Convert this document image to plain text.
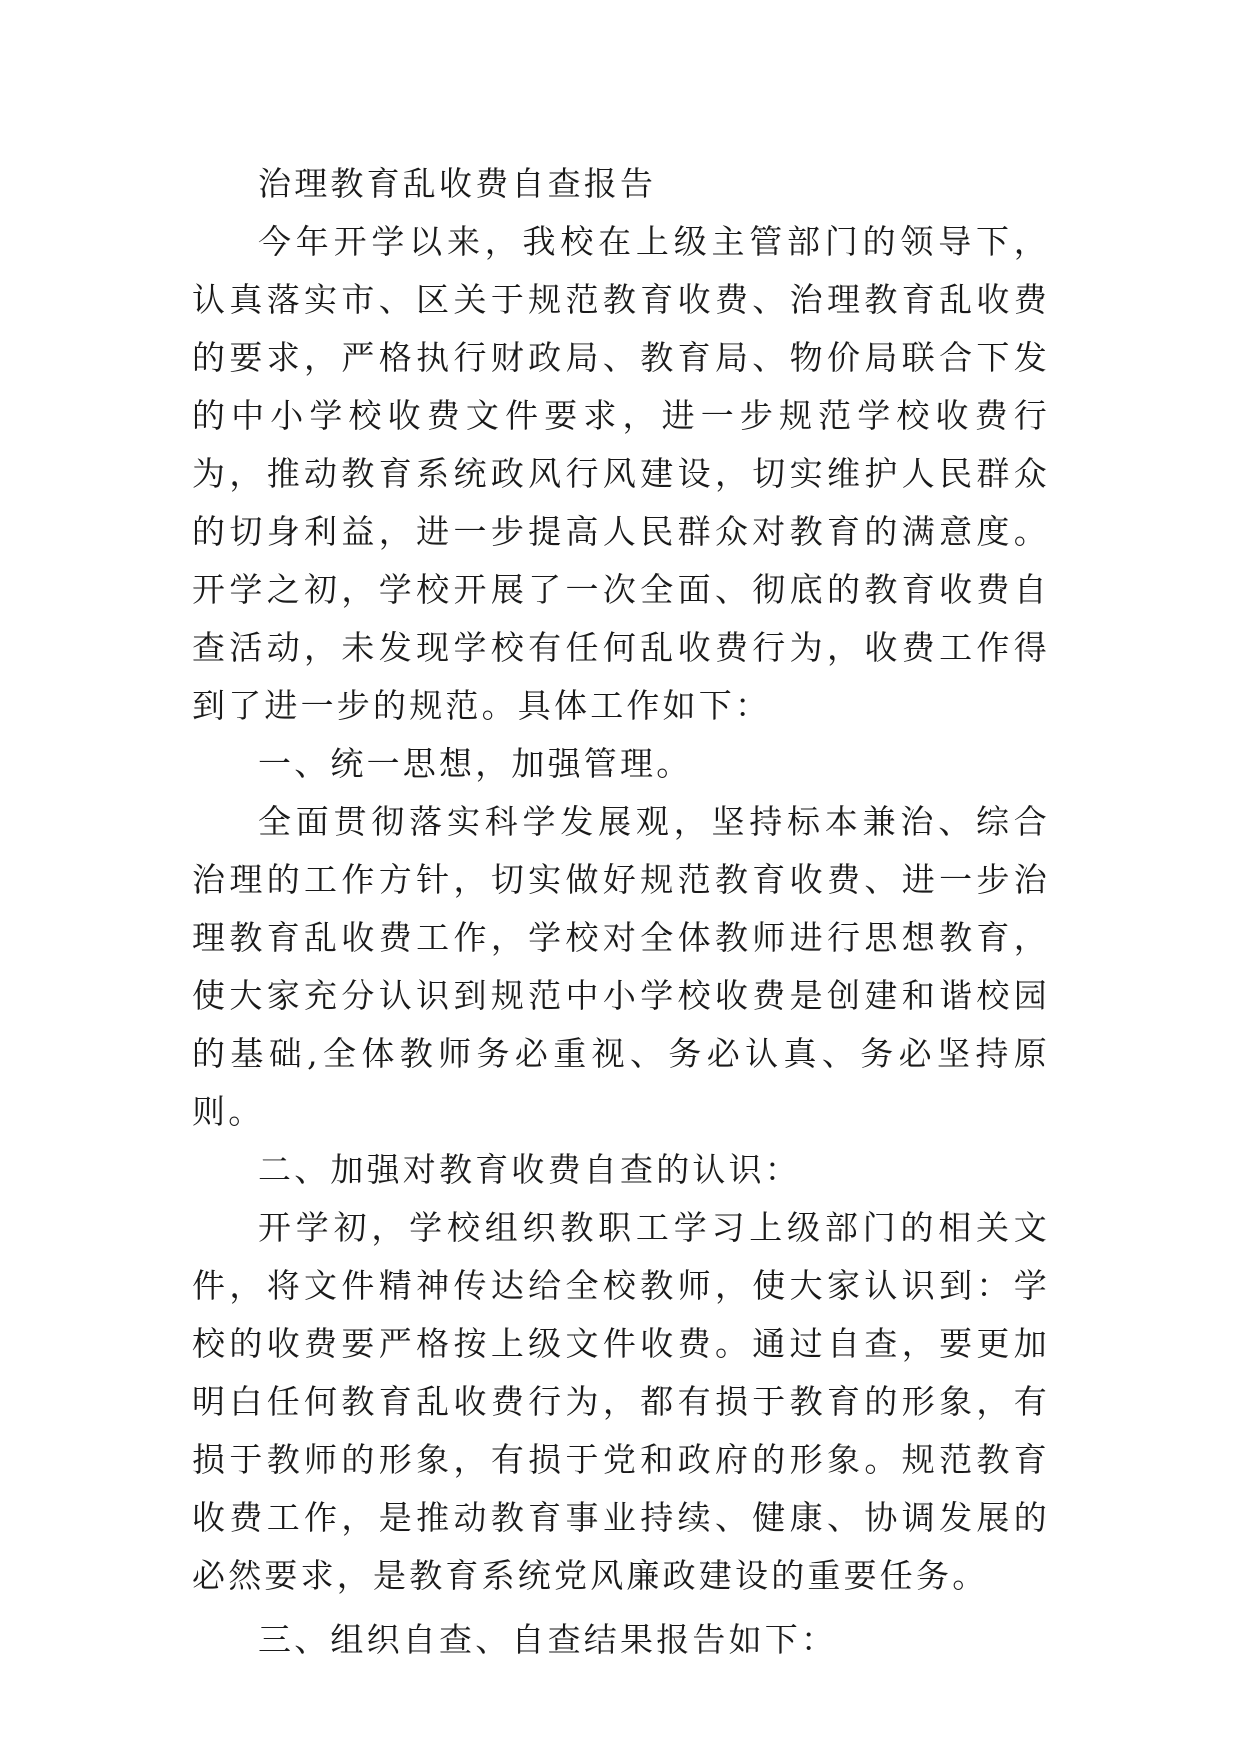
治理教育乱收费自查报告

今年开学以来，我校在上级主管部门的领导下，认真落实市、区关于规范教育收费、治理教育乱收费的要求，严格执行财政局、教育局、物价局联合下发的中小学校收费文件要求，进一步规范学校收费行为，推动教育系统政风行风建设，切实维护人民群众的切身利益，进一步提高人民群众对教育的满意度。开学之初，学校开展了一次全面、彻底的教育收费自查活动，未发现学校有任何乱收费行为，收费工作得到了进一步的规范。具体工作如下：

一、统一思想，加强管理。

全面贯彻落实科学发展观，坚持标本兼治、综合治理的工作方针，切实做好规范教育收费、进一步治理教育乱收费工作，学校对全体教师进行思想教育，使大家充分认识到规范中小学校收费是创建和谐校园的基础,全体教师务必重视、务必认真、务必坚持原则。

二、加强对教育收费自查的认识：

开学初，学校组织教职工学习上级部门的相关文件，将文件精神传达给全校教师，使大家认识到：学校的收费要严格按上级文件收费。通过自查，要更加明白任何教育乱收费行为，都有损于教育的形象，有损于教师的形象，有损于党和政府的形象。规范教育收费工作，是推动教育事业持续、健康、协调发展的必然要求，是教育系统党风廉政建设的重要任务。

三、组织自查、自查结果报告如下：
